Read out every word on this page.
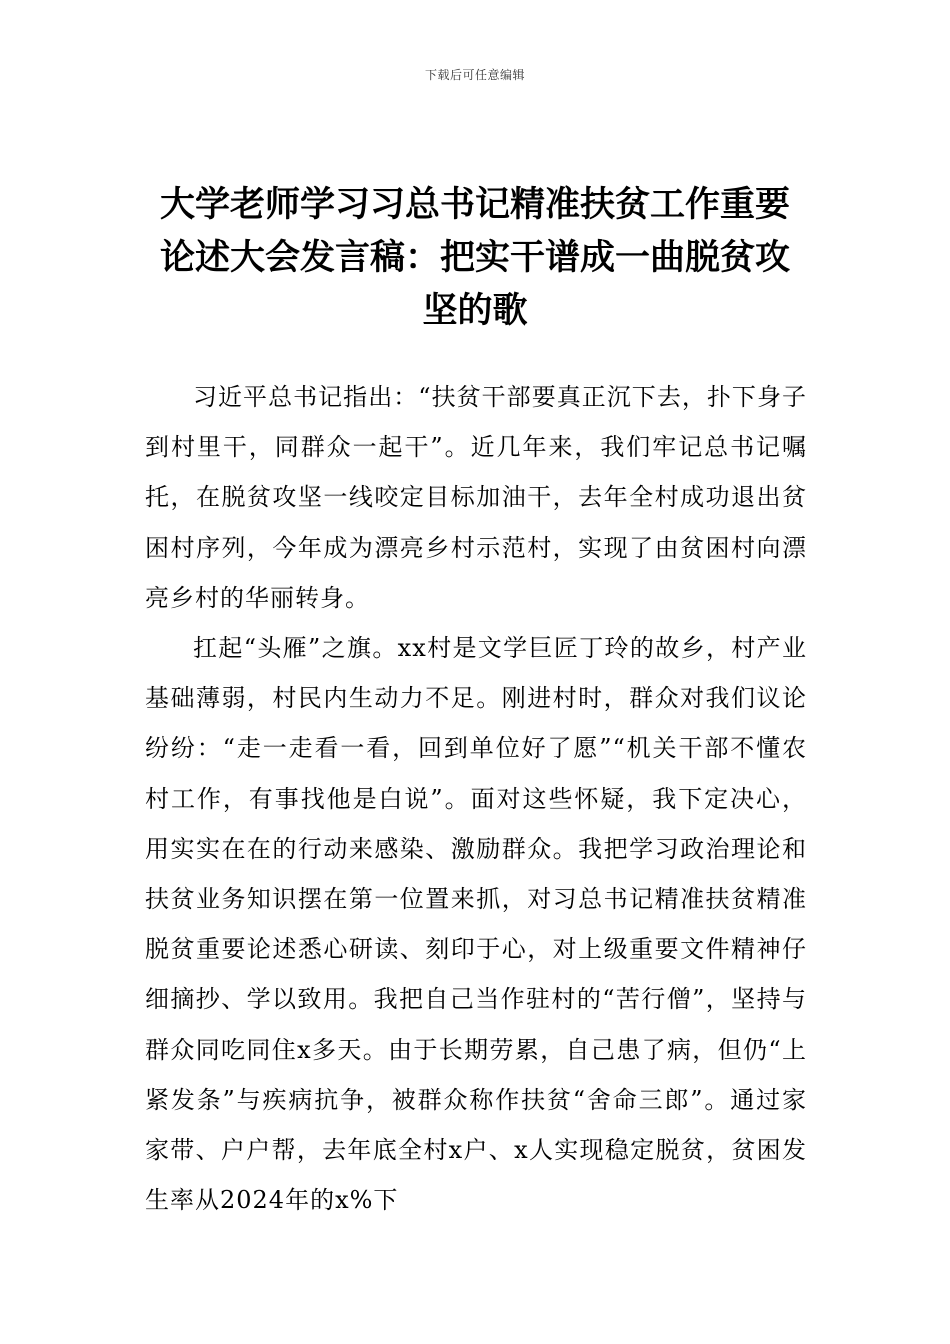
下载后可任意编辑
大学老师学习习总书记精准扶贫工作重要论述大会发言稿：把实干谱成一曲脱贫攻坚的歌

习近平总书记指出：“扶贫干部要真正沉下去，扑下身子到村里干，同群众一起干”。近几年来，我们牢记总书记嘱托，在脱贫攻坚一线咬定目标加油干，去年全村成功退出贫困村序列，今年成为漂亮乡村示范村，实现了由贫困村向漂亮乡村的华丽转身。

扛起“头雁”之旗。xx村是文学巨匠丁玲的故乡，村产业基础薄弱，村民内生动力不足。刚进村时，群众对我们议论纷纷：“走一走看一看，回到单位好了愿”“机关干部不懂农村工作，有事找他是白说”。面对这些怀疑，我下定决心，用实实在在的行动来感染、激励群众。我把学习政治理论和扶贫业务知识摆在第一位置来抓，对习总书记精准扶贫精准脱贫重要论述悉心研读、刻印于心，对上级重要文件精神仔细摘抄、学以致用。我把自己当作驻村的“苦行僧”，坚持与群众同吃同住x多天。由于长期劳累，自己患了病，但仍“上紧发条”与疾病抗争，被群众称作扶贫“舍命三郎”。通过家家带、户户帮，去年底全村x户、x人实现稳定脱贫，贫困发生率从2024年的x%下
